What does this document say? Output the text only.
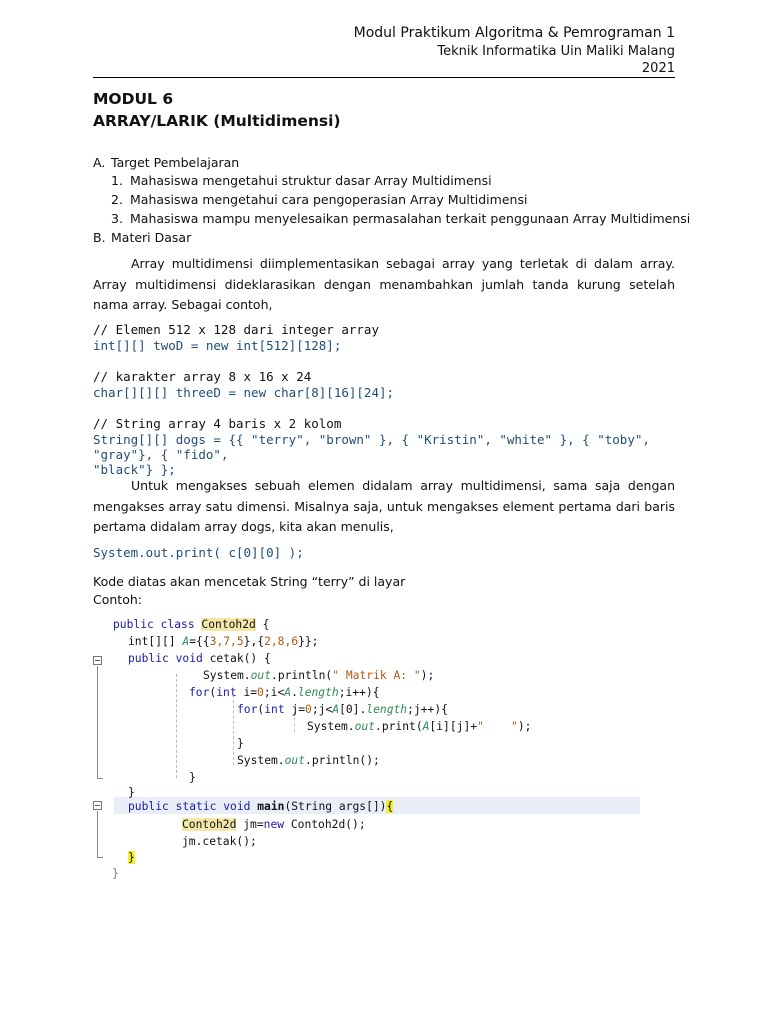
Modul Praktikum Algoritma & Pemrograman 1
Teknik Informatika Uin Maliki Malang
2021
MODUL 6
ARRAY/LARIK (Multidimensi)
A. Target Pembelajaran
1. Mahasiswa mengetahui struktur dasar Array Multidimensi
2. Mahasiswa mengetahui cara pengoperasian Array Multidimensi
3. Mahasiswa mampu menyelesaikan permasalahan terkait penggunaan Array Multidimensi
B. Materi Dasar

Array multidimensi diimplementasikan sebagai array yang terletak di dalam array. Array multidimensi dideklarasikan dengan menambahkan jumlah tanda kurung setelah nama array. Sebagai contoh,

// Elemen 512 x 128 dari integer array
int[][] twoD = new int[512][128];
// karakter array 8 x 16 x 24
char[][][] threeD = new char[8][16][24];
// String array 4 baris x 2 kolom
String[][] dogs = {{ "terry", "brown" }, { "Kristin", "white" }, { "toby",
"gray"}, { "fido",
"black"} };

Untuk mengakses sebuah elemen didalam array multidimensi, sama saja dengan mengakses array satu dimensi. Misalnya saja, untuk mengakses element pertama dari baris pertama didalam array dogs, kita akan menulis,

System.out.print( c[0][0] );
Kode diatas akan mencetak String “terry” di layar
Contoh:
public class Contoh2d {
int[][] A={{3,7,5},{2,8,6}};
public void cetak() {
System.out.println(" Matrik A: ");
for(int i=0;i<A.length;i++){
for(int j=0;j<A[0].length;j++){
System.out.print(A[i][j]+"    ");
}
System.out.println();
}
}
public static void main(String args[]){
Contoh2d jm=new Contoh2d();
jm.cetak();
}
}
